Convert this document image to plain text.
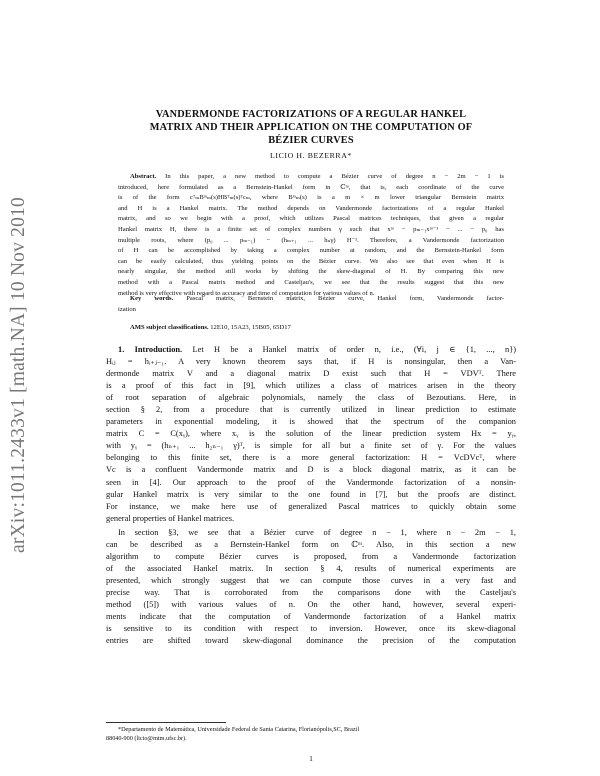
arXiv:1011.2433v1 [math.NA] 10 Nov 2010
VANDERMONDE FACTORIZATIONS OF A REGULAR HANKEL
MATRIX AND THEIR APPLICATION ON THE COMPUTATION OF
BÉZIER CURVES
LICIO H. BEZERRA*
Abstract. In this paper, a new method to compute a Bézier curve of degree n − 2m − 1 is
introduced, here formulated as a Bernstein-Hankel form in ℂᵐ, that is, each coordinate of the curve
is of the form cᵀₘBᵐₘ(s)HBᵀₘ(s)ᵀcₘ, where Bᵐₘ(s) is a m × m lower triangular Bernstein matrix
and H is a Hankel matrix. The method depends on Vandermonde factorizations of a regular Hankel
matrix, and so we begin with a proof, which utilizes Pascal matrices techniques, that given a regular
Hankel matrix H, there is a finite set of complex numbers γ such that xᵐ − pₘ₋₁xᵐ⁻¹ − ... − p₀ has
multiple roots, where (p₀ ... pₘ₋₁) − (hₘ₊₁ ... hₙγ) H⁻¹. Therefore, a Vandermonde factorization
of H can be accomplished by taking a complex number at random, and the Bernstein-Hankel form
can be easily calculated, thus yielding points on the Bézier curve. We also see that even when H is
nearly singular, the method still works by shifting the skew-diagonal of H. By comparing this new
method with a Pascal matrix method and Casteljau's, we see that the results suggest that this new
method is very effective with regard to accuracy and time of computation for various values of n.
Key words. Pascal matrix, Bernstein matrix, Bézier curve, Hankel form, Vandermonde factor-
ization
AMS subject classifications. 12E10, 15A23, 15B05, 65D17
1. Introduction. Let H be a Hankel matrix of order n, i.e., (∀i, j ∈ {1, ..., n})
Hᵢⱼ = hᵢ₊ⱼ₋₁. A very known theorem says that, if H is nonsingular, then a Van-
dermonde matrix V and a diagonal matrix D exist such that H = VDVᵀ. There
is a proof of this fact in [9], which utilizes a class of matrices arisen in the theory
of root separation of algebraic polynomials, namely the class of Bezoutians. Here, in
section § 2, from a procedure that is currently utilized in linear prediction to estimate
parameters in exponential modeling, it is showed that the spectrum of the companion
matrix C = C(xᵧ), where xᵧ is the solution of the linear prediction system Hx = yᵧ,
with yᵧ = (hₙ₊₁ ... h₂ₙ₋₁ γ)ᵀ, is simple for all but a finite set of γ. For the values
belonging to this finite set, there is a more general factorization: H = VcDVcᵀ, where
Vc is a confluent Vandermonde matrix and D is a block diagonal matrix, as it can be
seen in [4]. Our approach to the proof of the Vandermonde factorization of a nonsin-
gular Hankel matrix is very similar to the one found in [7], but the proofs are distinct.
For instance, we make here use of generalized Pascal matrices to quickly obtain some
general properties of Hankel matrices.
In section §3, we see that a Bézier curve of degree n − 1, where n − 2m − 1,
can be described as a Bernstein-Hankel form on ℂᵐ. Also, in this section a new
algorithm to compute Bézier curves is proposed, from a Vandermonde factorization
of the associated Hankel matrix. In section § 4, results of numerical experiments are
presented, which strongly suggest that we can compute those curves in a very fast and
precise way. That is corroborated from the comparisons done with the Casteljau's
method ([5]) with various values of n. On the other hand, however, several experi-
ments indicate that the computation of Vandermonde factorization of a Hankel matrix
is sensitive to its condition with respect to inversion. However, once its skew-diagonal
entries are shifted toward skew-diagonal dominance the precision of the computation
*Departamento de Matemática, Universidade Federal de Santa Catarina, Florianópolis,SC, Brazil
88040-900 (licio@mtm.ufsc.br).
1
